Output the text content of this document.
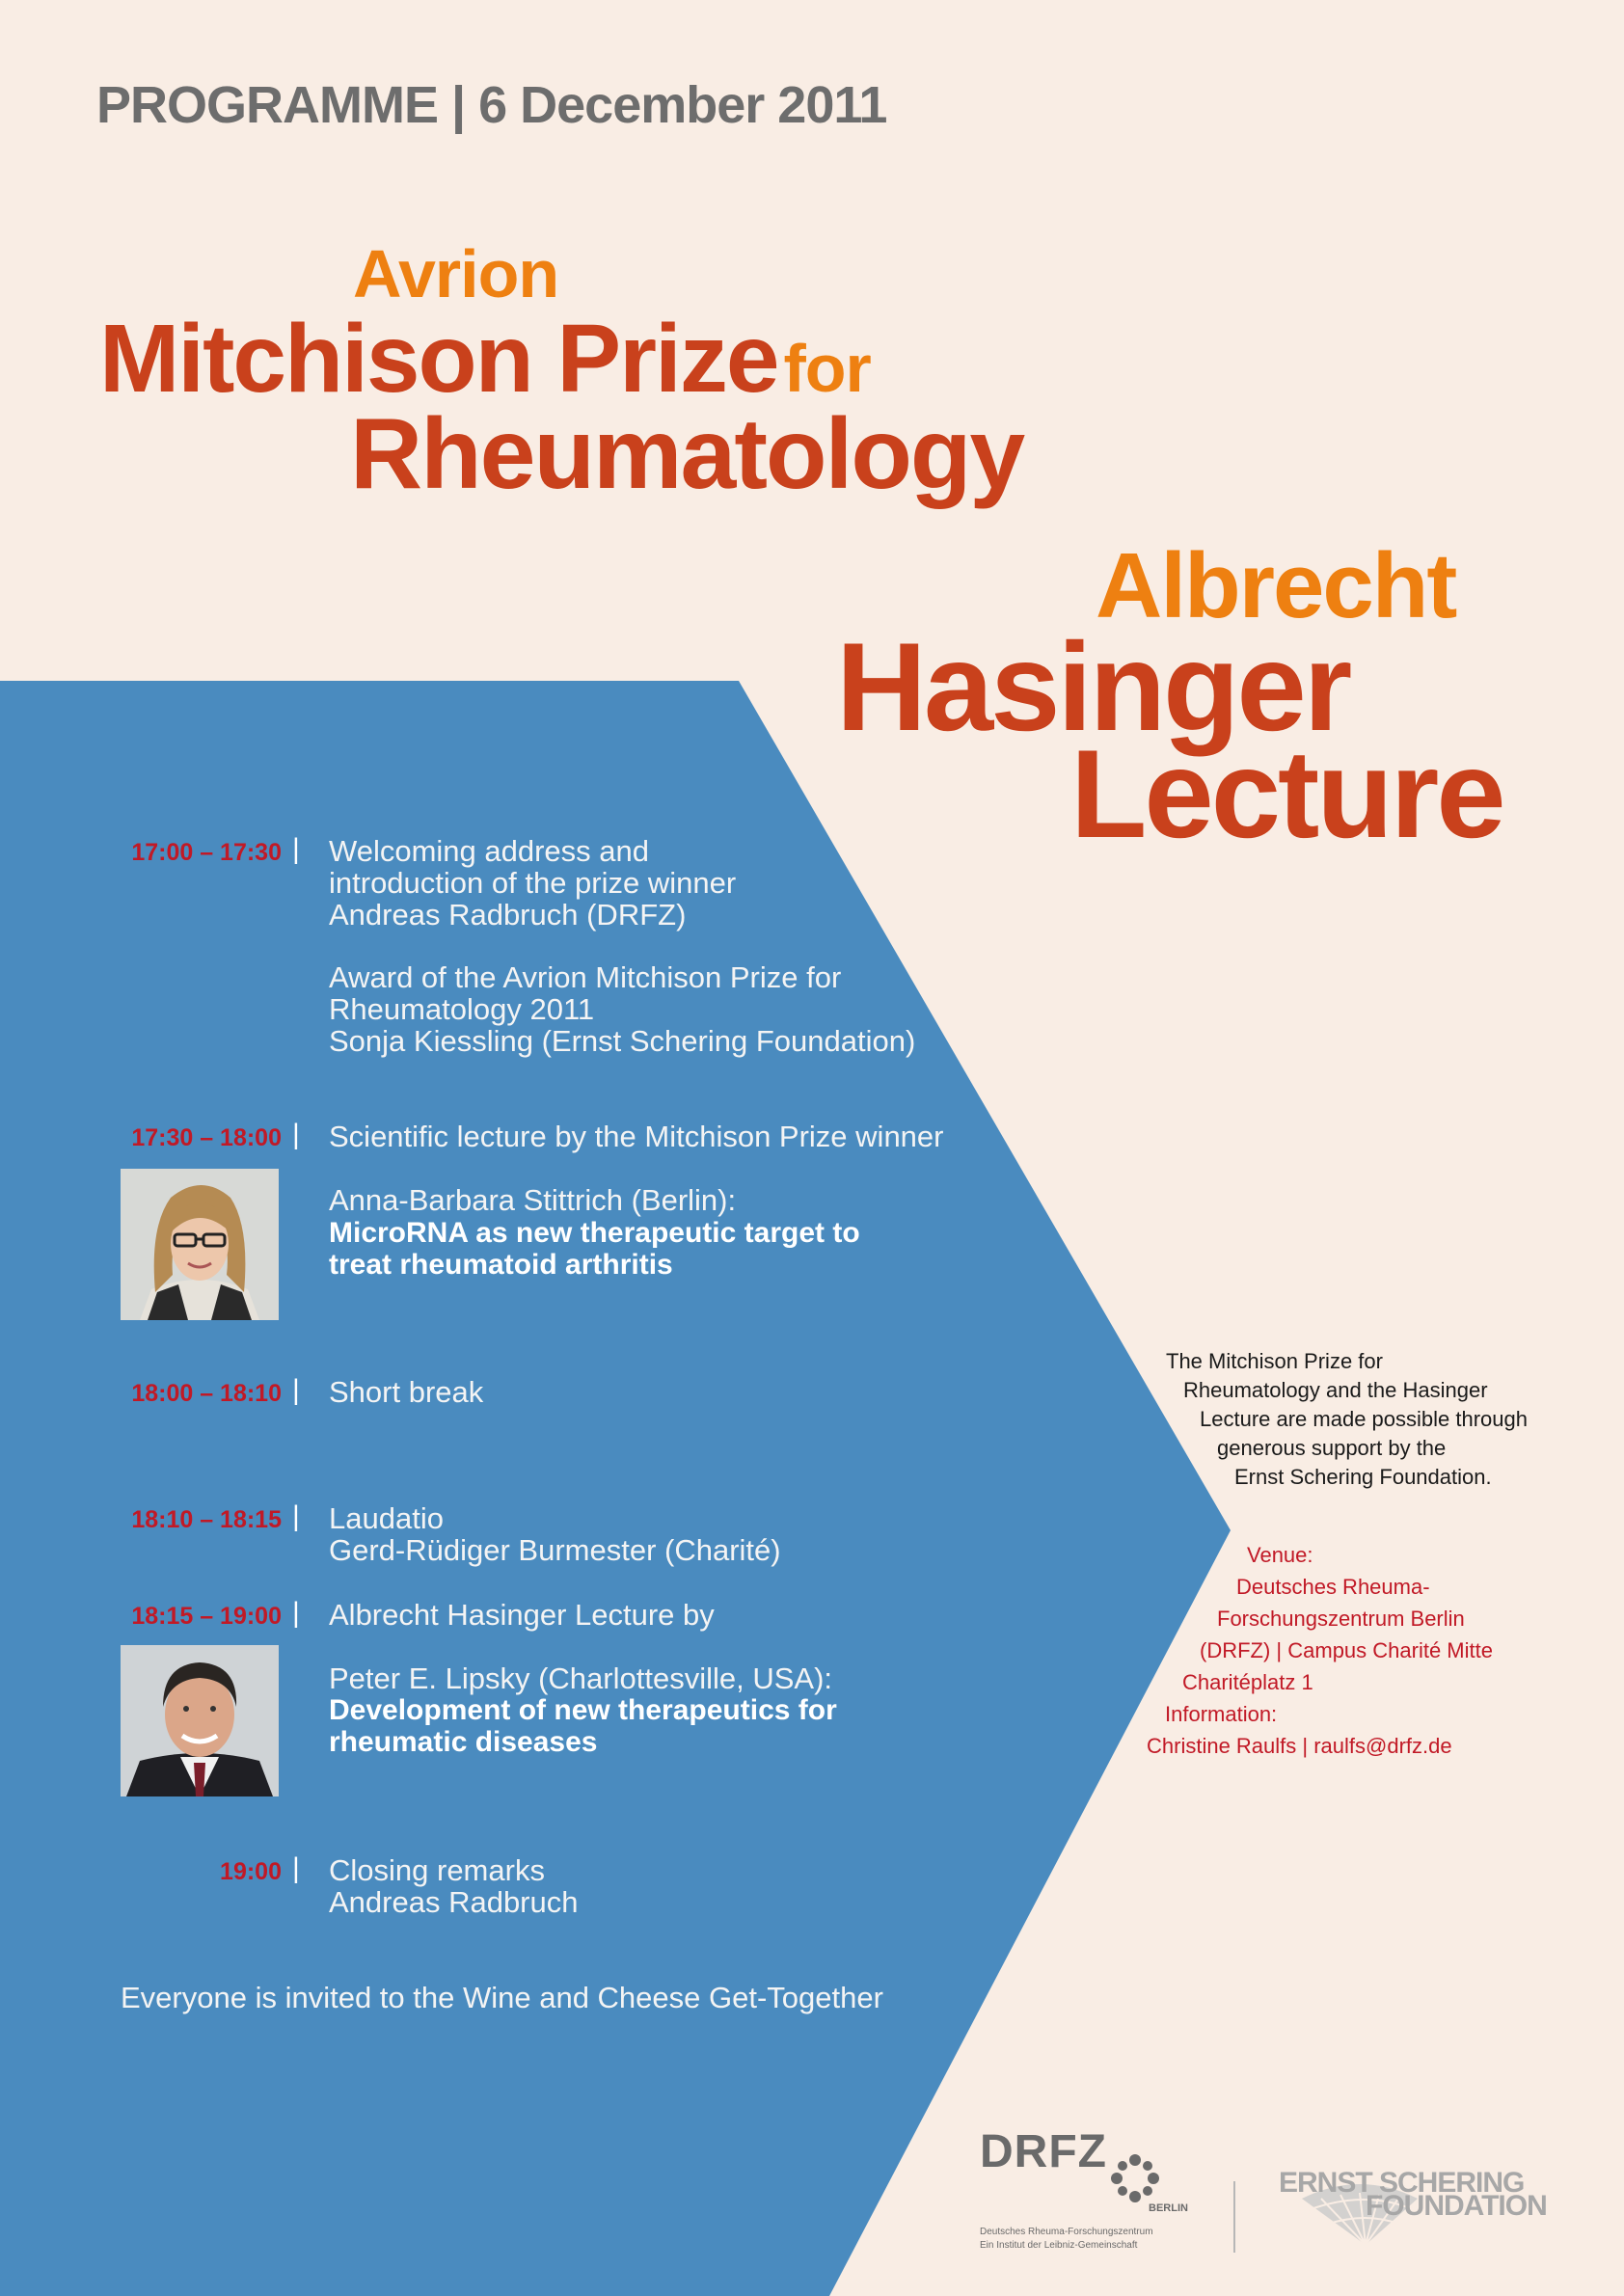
PROGRAMME | 6 December 2011
Avrion
Mitchison Prizefor
Rheumatology
Albrecht
Hasinger
Lecture
17:00 – 17:30 | Welcoming address and
introduction of the prize winner
Andreas Radbruch (DRFZ)
Award of the Avrion Mitchison Prize for
Rheumatology 2011
Sonja Kiessling (Ernst Schering Foundation)
17:30 – 18:00 | Scientific lecture by the Mitchison Prize winner
Anna-Barbara Stittrich (Berlin):
MicroRNA as new therapeutic target to
treat rheumatoid arthritis
18:00 – 18:10 | Short break
18:10 – 18:15 | Laudatio
Gerd-Rüdiger Burmester (Charité)
18:15 – 19:00 | Albrecht Hasinger Lecture by
Peter E. Lipsky (Charlottesville, USA):
Development of new therapeutics for
rheumatic diseases
19:00 | Closing remarks
Andreas Radbruch
Everyone is invited to the Wine and Cheese Get-Together
The Mitchison Prize for
Rheumatology and the Hasinger
Lecture are made possible through
generous support by the
Ernst Schering Foundation.
Venue:
Deutsches Rheuma-
Forschungszentrum Berlin
(DRFZ) | Campus Charité Mitte
Charitéplatz 1
Information:
Christine Raulfs | raulfs@drfz.de
DRFZ
BERLIN
Deutsches Rheuma-Forschungszentrum
Ein Institut der Leibniz-Gemeinschaft
ERNST SCHERING
FOUNDATION
